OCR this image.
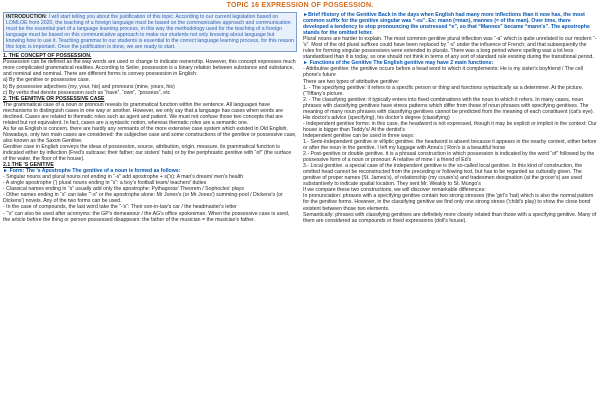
TOPIC 16 EXPRESSION OF POSSESSION.

INTRODUCTION: I will start telling you about the justification of this topic. According to our current legislation based on LOMLOE from 2020, the teaching of a foreign language must be based on the communicative approach and communication must be the essential part of a language learning process, in this way the methodology used for the teaching of a foreign language must be based on this communicative approach to make our students not only knowing about language but knowing how to use it. Teaching grammar to our students is essential to the correct language learning process, for this reason this topic is important. Once the justification is done, we are ready to start.

1. THE CONCEPT OF POSSESSION.

Possession can be defined as the way words are used or change to indicate ownership. However, this concept expresses much more complicated grammatical realities. According to Seiler, possession is a binary relation between substance and substance, and nominal and nominal. There are different forms to convey possession in English:

a) By the genitive or possessive case.

b) By possessive adjectives (my, your, his) and pronouns (mine, yours, his)

c) By verbs that denote possession such as “have”, “own”, “possess”, etc

2. THE GENITIVE OR POSSESSIVE CASE

The grammatical case of a noun or pronoun reveals its grammatical function within the sentence. All languages have mechanisms to distinguish cases in one way or another. However, we only say that a language has cases when words are declined. Cases are related to thematic roles such as agent and patient. We must not confuse those two concepts that are related but not equivalent. In fact, cases are a syntactic notion, whereas thematic roles are a semantic one.

As far as English is concern, there are hardly any remnants of the more extensive case system which existed in Old English. Nowadays, only two main cases are considered: the subjective case and some constructions of the genitive or possessive case, also known as the Saxon Genitive.

Genitive case in English conveys the ideas of possession, source, attribution, origin, measure, its grammatical function is indicated either by inflection (Fred's suitcase; their father; our sisters' hats) or by the periphrastic genitive with “of” (the surface of the water, the floor of the house).

2.1 THE 'S GENITIVE

► Form: The 's Apostrophe The genitive of a noun is formed as follows:

- Singular nouns and plural nouns not ending in “-s” add apostrophe + s('s): A man's dream/ men's health

- A single apostrophe (') plural nouns ending in “s”: a boy's football team/ teachers' duties

- Classical names ending in “s” usually add only the apostrophe: Pythagoras' Theorem / Sophocles' plays

- Other names ending in “s” can take “'-s” or the apostrophe alone: Mr Jones's (or Mr Jones') summing-pool / Dickens's (or Dickens') novels. Any of the two forms can be used.

- In the case of compounds, the last word take the “-'s”: Their son-in-law's car / the headmaster's letter

- “'s” can also be used after acronyms: the GP's demeanour / the AG's office spokesman. When the possessive case is used, the article before the thing or person possessed disappears: the father of the musician = the musician's father.

►Brief History of the Genitive Back in the days when English had many more inflections than it now has, the most common suffix for the genitive singular was “-es”. Ex: mann (=man), mannes (= of the man). Over time, there developed a tendency to stop pronouncing the unstressed “e”, so that “Mannes” became “mann's”. The apostrophe stands for the omitted letter.

Plural nouns are harder to explain. The most common genitive plural inflection was “-a” which is quite unrelated to our modern “-'s”. Most of the old plural suffixes could have been replaced by “-s” under the influence of French; and that subsequently the rules for forming singular possessives were extended to plurals. There was a long period where spelling was a lot less standardised than it is today, so one should not think in terms of any sort of standard rule existing during the transitional period.

► Functions of the Genitive The English genitive may have 2 main functions:

- Attributive genitive: the genitive occurs before a head word to which it complements: He is my sister's boyfriend / The cell phone's future

There are two types of attributive genitive:

1. - The specifying genitive: it refers to a specific person or thing and functions syntactically as a determiner. At the picture. (“Tiffany's picture.

2. - The classifying genitive: it typically enters into fixed combinations with the noun to which it refers. In many cases, noun phrases with classifying genitives have stress patterns which differ from those of noun phrases with specifying genitives. The meaning of many noun phrases with classifying genitives cannot be predicted from the meaning of each constituent (cat's eye). His doctor's advice (specifying), his doctor's degree (classifying)

- Independent genitive forms: in this case, the headword is not expressed, though it may be explicit or implicit in the context: Our house is bigger than Teddy's/ At the dentist's

Independent genitive can be used in three ways:

1.- Semi-independent genitive or elliptic genitive. the headword is absent because it appears in the nearby context, either before or after the noun in the genitive. I left my luggage with Anna's | Ron's is a beautiful horse

2.- Post-genitive or double genitive. it is a phrasal construction in which possession is indicated by the word “of” followed by the possessive form of a noun or pronoun: A relative of mine / a friend of Ed's

3.- Local genitive. a special case of the independent genitive is the so-called local genitive. In this kind of construction, the omitted head cannot be reconstructed from the preceding or following text, but has to be regarded as culturally given. The genitive of proper names (St. James's), of relationship (my cousin's) and tradesmen designation (at the grocer's) are used substantively to indicate spatial location. They sent Mr. Weakly to St. Mungo's

If we compare these two constructions, we will discover remarkable differences:

In pronunciation: phrases with a specifying genitive contain two strong stresses (the 'girl's 'hat) which is also the normal pattern for the genitive forms. However, in the classifying genitive we find only one strong stress ('child's play) to show the close bond existent between those two elements.

Semantically: phrases with classifying genitives are definitely more closely related than those with a specifying genitive. Many of them are considered as compounds or fixed expressions (doll's house).
